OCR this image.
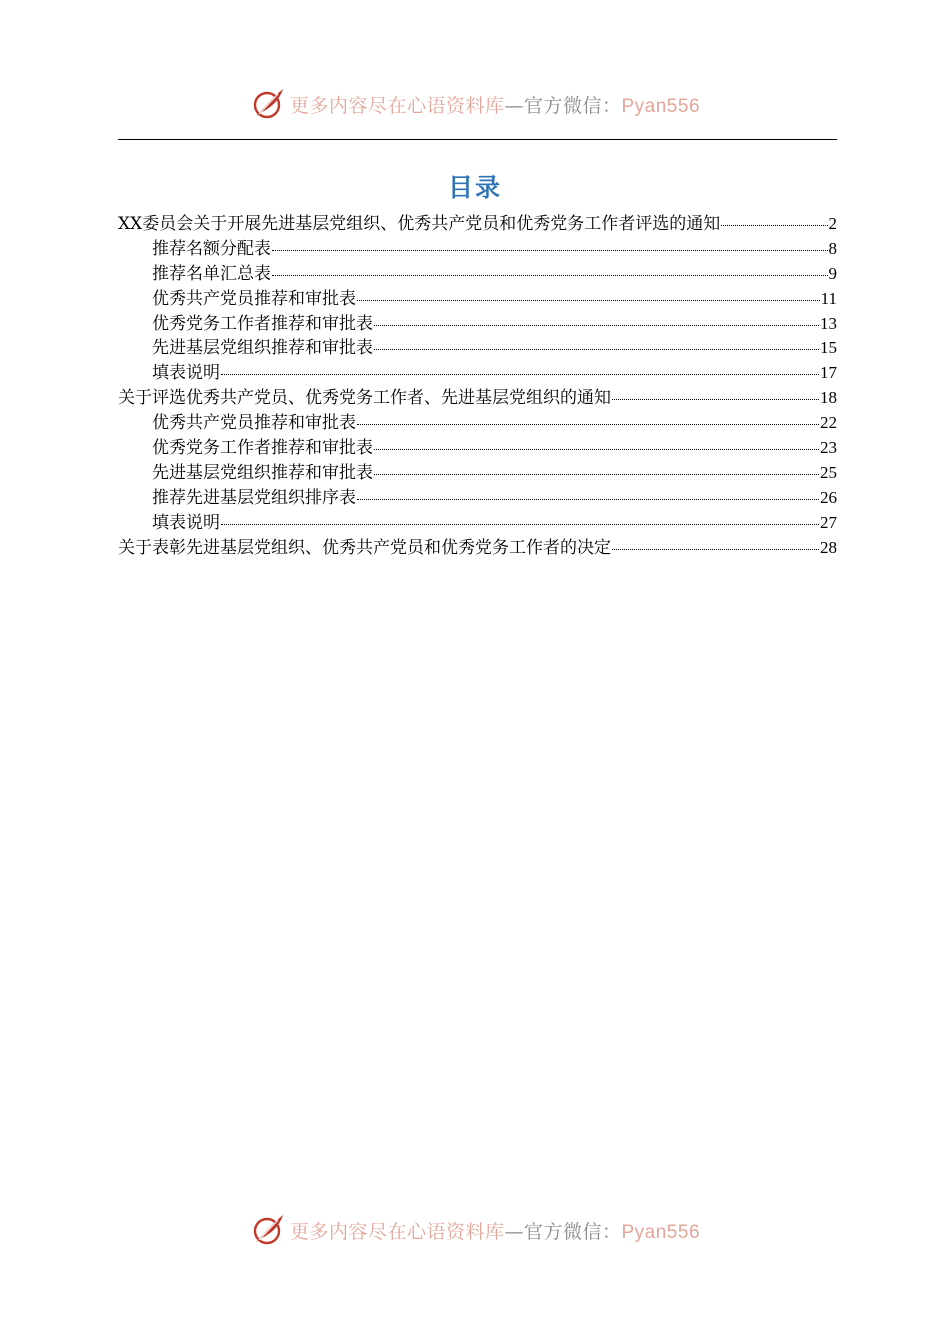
更多内容尽在心语资料库—官方微信：Pyan556
目录
XX委员会关于开展先进基层党组织、优秀共产党员和优秀党务工作者评选的通知	2
推荐名额分配表	8
推荐名单汇总表	9
优秀共产党员推荐和审批表	11
优秀党务工作者推荐和审批表	13
先进基层党组织推荐和审批表	15
填表说明	17
关于评选优秀共产党员、优秀党务工作者、先进基层党组织的通知	18
优秀共产党员推荐和审批表	22
优秀党务工作者推荐和审批表	23
先进基层党组织推荐和审批表	25
推荐先进基层党组织排序表	26
填表说明	27
关于表彰先进基层党组织、优秀共产党员和优秀党务工作者的决定	28
更多内容尽在心语资料库—官方微信：Pyan556
